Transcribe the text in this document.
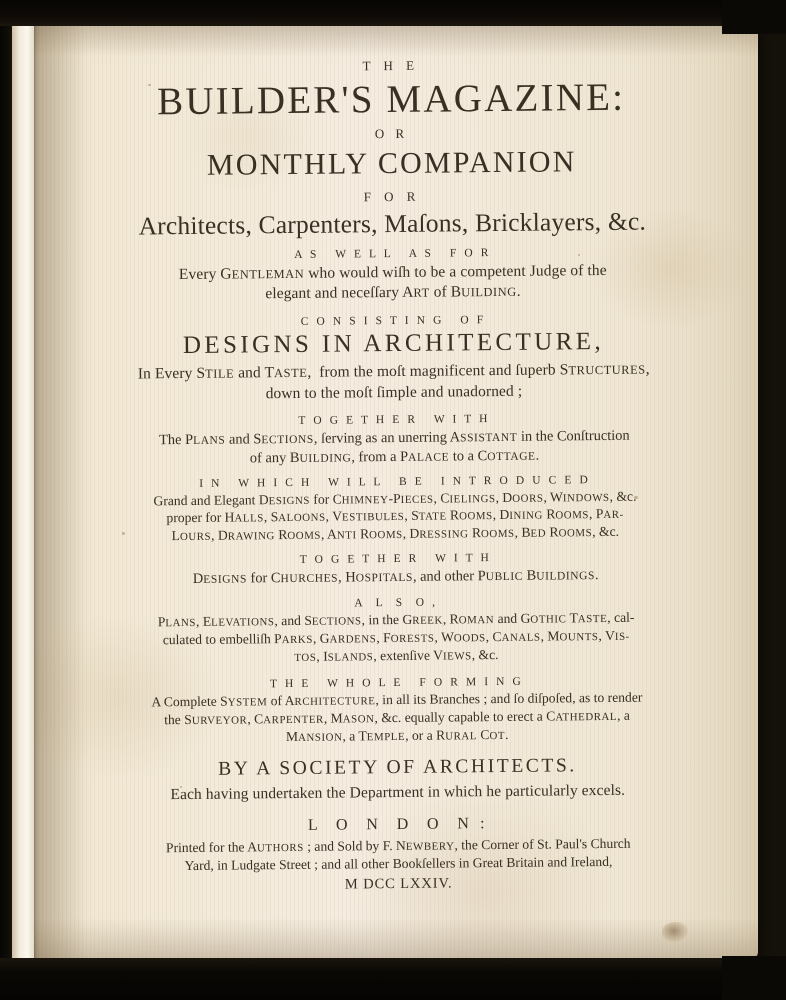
T H E
BUILDER'S MAGAZINE:
O R
MONTHLY COMPANION
F O R
Architects, Carpenters, Maſons, Bricklayers, &c.
A S   W E L L   A S   F O R
Every GENTLEMAN who would wiſh to be a competent Judge of the
elegant and neceſſary ART of BUILDING.
C O N S I S T I N G   O F
DESIGNS IN ARCHITECTURE,
In Every STILE and TASTE,  from the moſt magnificent and ſuperb STRUCTURES,
down to the moſt ſimple and unadorned ;
T O G E T H E R   W I T H
The PLANS and SECTIONS, ſerving as an unerring ASSISTANT in the Conſtruction
of any BUILDING, from a PALACE to a COTTAGE.
I N   W H I C H   W I L L   B E   I N T R O D U C E D
Grand and Elegant DESIGNS for CHIMNEY-PIECES, CIELINGS, DOORS, WINDOWS, &c.
proper for HALLS, SALOONS, VESTIBULES, STATE ROOMS, DINING ROOMS, PAR-
LOURS, DRAWING ROOMS, ANTI ROOMS, DRESSING ROOMS, BED ROOMS, &c.
T O G E T H E R   W I T H
DESIGNS for CHURCHES, HOSPITALS, and other PUBLIC BUILDINGS.
A  L  S  O ,
PLANS, ELEVATIONS, and SECTIONS, in the GREEK, ROMAN and GOTHIC TASTE, cal-
culated to embelliſh PARKS, GARDENS, FORESTS, WOODS, CANALS, MOUNTS, VIS-
TOS, ISLANDS, extenſive VIEWS, &c.
T H E   W H O L E   F O R M I N G
A Complete SYSTEM of ARCHITECTURE, in all its Branches ; and ſo diſpoſed, as to render
the SURVEYOR, CARPENTER, MASON, &c. equally capable to erect a CATHEDRAL, a
MANSION, a TEMPLE, or a RURAL COT.
BY A SOCIETY OF ARCHITECTS.
Each having undertaken the Department in which he particularly excels.
L  O  N  D  O  N :
Printed for the AUTHORS ; and Sold by F. NEWBERY, the Corner of St. Paul's Church
Yard, in Ludgate Street ; and all other Bookſellers in Great Britain and Ireland,
M DCC LXXIV.
